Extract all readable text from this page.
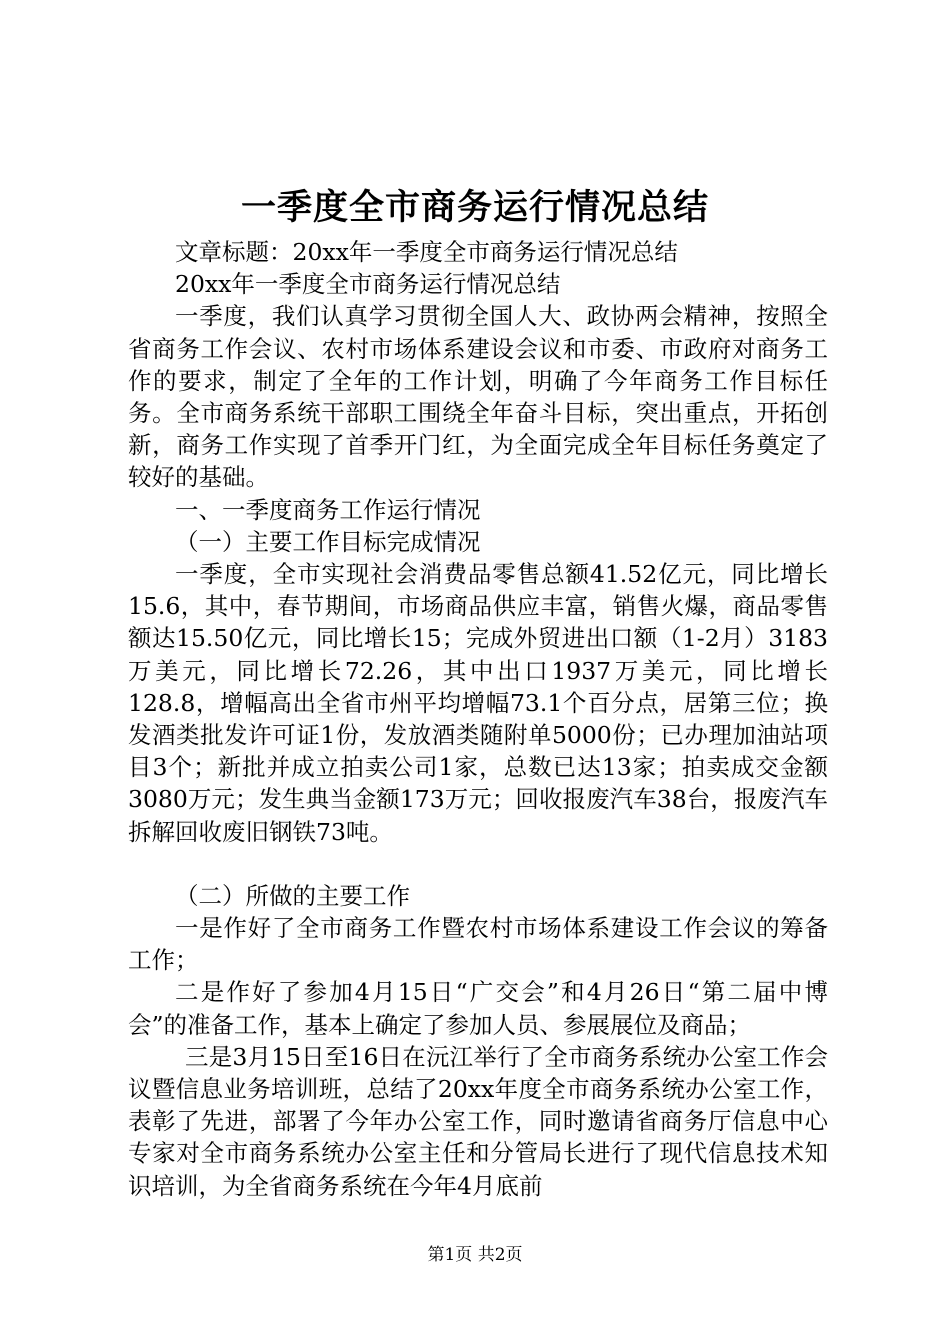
一季度全市商务运行情况总结

文章标题：20xx年一季度全市商务运行情况总结

20xx年一季度全市商务运行情况总结

一季度，我们认真学习贯彻全国人大、政协两会精神，按照全省商务工作会议、农村市场体系建设会议和市委、市政府对商务工作的要求，制定了全年的工作计划，明确了今年商务工作目标任务。全市商务系统干部职工围绕全年奋斗目标，突出重点，开拓创新，商务工作实现了首季开门红，为全面完成全年目标任务奠定了较好的基础。

一、一季度商务工作运行情况

（一）主要工作目标完成情况

一季度，全市实现社会消费品零售总额41.52亿元，同比增长15.6，其中，春节期间，市场商品供应丰富，销售火爆，商品零售额达15.50亿元，同比增长15；完成外贸进出口额（1-2月）3183万美元，同比增长72.26，其中出口1937万美元，同比增长128.8，增幅高出全省市州平均增幅73.1个百分点，居第三位；换发酒类批发许可证1份，发放酒类随附单5000份；已办理加油站项目3个；新批并成立拍卖公司1家，总数已达13家；拍卖成交金额3080万元；发生典当金额173万元；回收报废汽车38台，报废汽车拆解回收废旧钢铁73吨。

（二）所做的主要工作

一是作好了全市商务工作暨农村市场体系建设工作会议的筹备工作；

二是作好了参加4月15日“广交会”和4月26日“第二届中博会”的准备工作，基本上确定了参加人员、参展展位及商品；

三是3月15日至16日在沅江举行了全市商务系统办公室工作会议暨信息业务培训班，总结了20xx年度全市商务系统办公室工作，表彰了先进，部署了今年办公室工作，同时邀请省商务厅信息中心专家对全市商务系统办公室主任和分管局长进行了现代信息技术知识培训，为全省商务系统在今年4月底前

第1页 共2页
